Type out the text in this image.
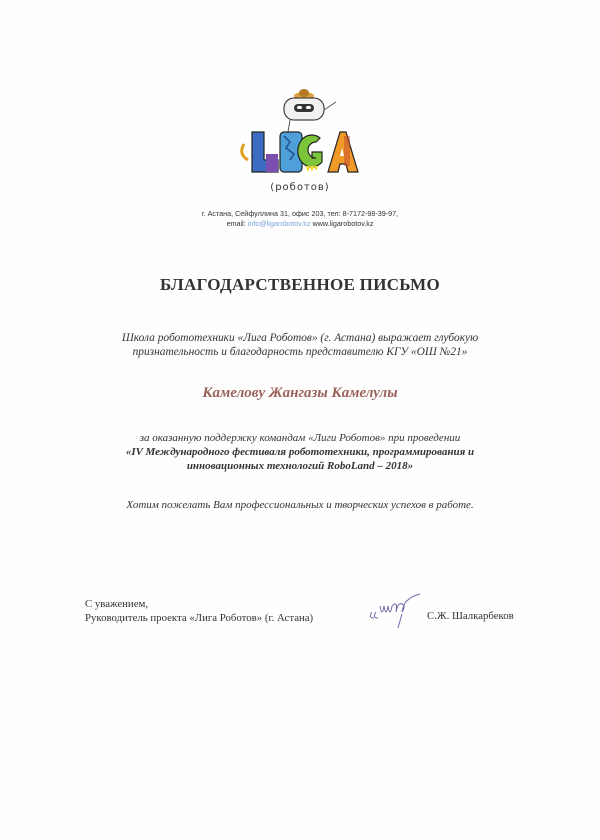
(роботов)
г. Астана, Сейфуллина 31, офис 203, тел: 8-7172-98-39-97,
email: info@ligarobotov.kz www.ligarobotov.kz
БЛАГОДАРСТВЕННОЕ ПИСЬМО
Школа робототехники «Лига Роботов» (г. Астана) выражает глубокую
признательность и благодарность представителю КГУ «ОШ №21»
Камелову Жангазы Камелулы
за оказанную поддержку командам «Лиги Роботов» при проведении
«IV Международного фестиваля робототехники, программирования и
инновационных технологий RoboLand – 2018»
Хотим пожелать Вам профессиональных и творческих успехов в работе.
С уважением,
Руководитель проекта «Лига Роботов» (г. Астана)	С.Ж. Шалкарбеков
